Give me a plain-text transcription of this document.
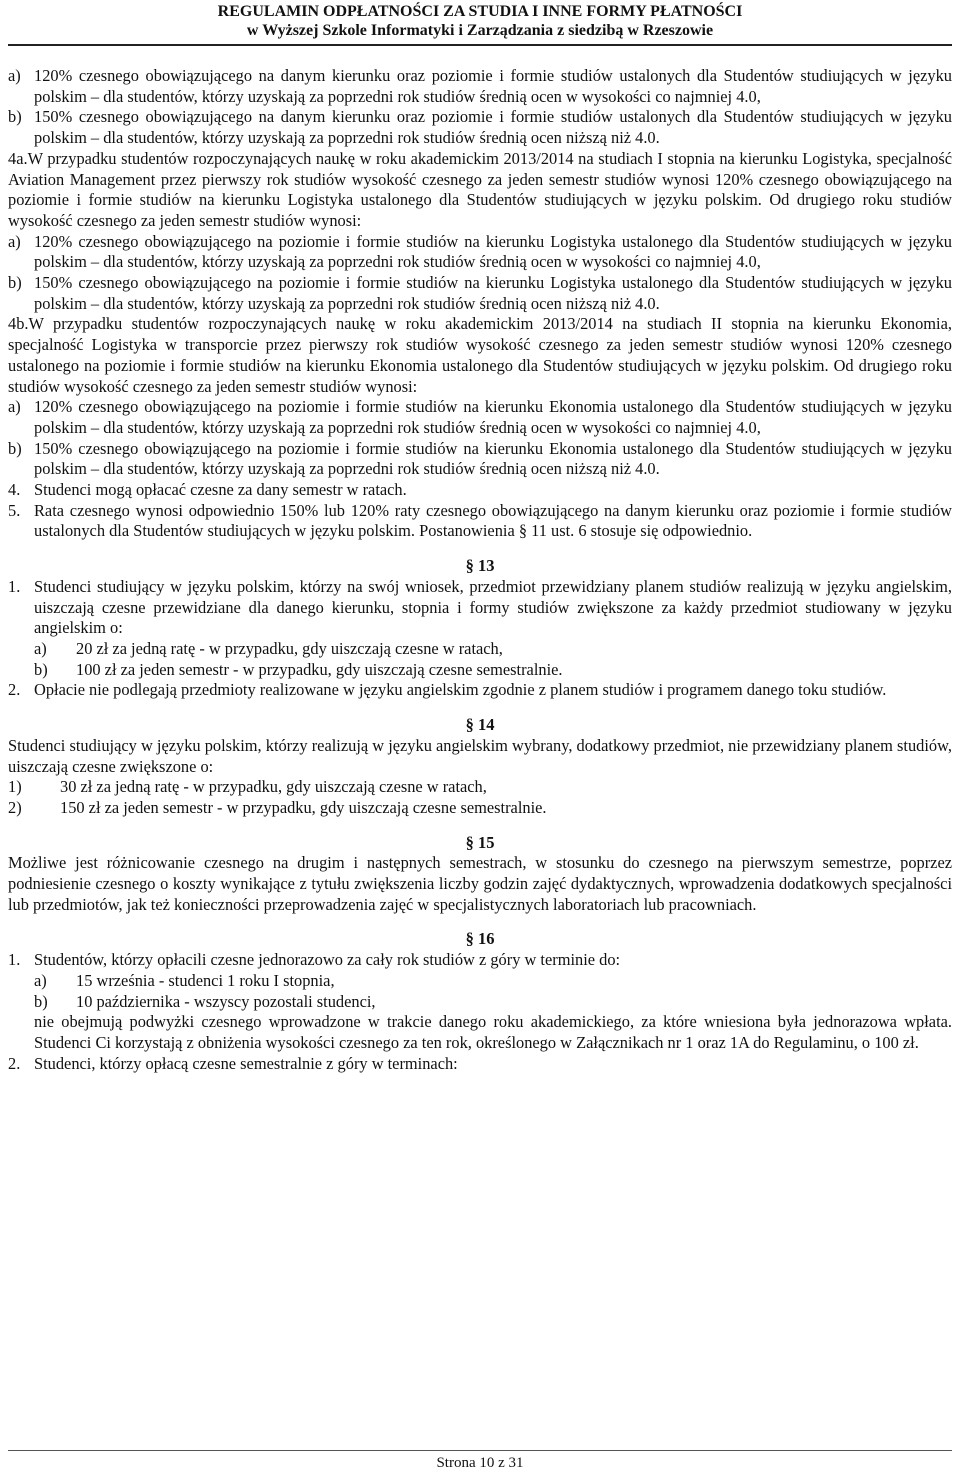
REGULAMIN ODPŁATNOŚCI ZA STUDIA I INNE FORMY PŁATNOŚCI
w Wyższej Szkole Informatyki i Zarządzania z siedzibą w Rzeszowie
a) 120% czesnego obowiązującego na danym kierunku oraz poziomie i formie studiów ustalonych dla Studentów studiujących w języku polskim – dla studentów, którzy uzyskają za poprzedni rok studiów średnią ocen w wysokości co najmniej 4.0,
b) 150% czesnego obowiązującego na danym kierunku oraz poziomie i formie studiów ustalonych dla Studentów studiujących w języku polskim – dla studentów, którzy uzyskają za poprzedni rok studiów średnią ocen niższą niż 4.0.

4a.W przypadku studentów rozpoczynających naukę w roku akademickim 2013/2014 na studiach I stopnia na kierunku Logistyka, specjalność Aviation Management przez pierwszy rok studiów wysokość czesnego za jeden semestr studiów wynosi 120% czesnego obowiązującego na poziomie i formie studiów na kierunku Logistyka ustalonego dla Studentów studiujących w języku polskim. Od drugiego roku studiów wysokość czesnego za jeden semestr studiów wynosi:

a) 120% czesnego obowiązującego na poziomie i formie studiów na kierunku Logistyka ustalonego dla Studentów studiujących w języku polskim – dla studentów, którzy uzyskają za poprzedni rok studiów średnią ocen w wysokości co najmniej 4.0,
b) 150% czesnego obowiązującego na poziomie i formie studiów na kierunku Logistyka ustalonego dla Studentów studiujących w języku polskim – dla studentów, którzy uzyskają za poprzedni rok studiów średnią ocen niższą niż 4.0.

4b.W przypadku studentów rozpoczynających naukę w roku akademickim 2013/2014 na studiach II stopnia na kierunku Ekonomia, specjalność Logistyka w transporcie przez pierwszy rok studiów wysokość czesnego za jeden semestr studiów wynosi 120% czesnego ustalonego na poziomie i formie studiów na kierunku Ekonomia ustalonego dla Studentów studiujących w języku polskim. Od drugiego roku studiów wysokość czesnego za jeden semestr studiów wynosi:

a) 120% czesnego obowiązującego na poziomie i formie studiów na kierunku Ekonomia ustalonego dla Studentów studiujących w języku polskim – dla studentów, którzy uzyskają za poprzedni rok studiów średnią ocen w wysokości co najmniej 4.0,
b) 150% czesnego obowiązującego na poziomie i formie studiów na kierunku Ekonomia ustalonego dla Studentów studiujących w języku polskim – dla studentów, którzy uzyskają za poprzedni rok studiów średnią ocen niższą niż 4.0.
4. Studenci mogą opłacać czesne za dany semestr w ratach.
5. Rata czesnego wynosi odpowiednio 150% lub 120% raty czesnego obowiązującego na danym kierunku oraz poziomie i formie studiów ustalonych dla Studentów studiujących w języku polskim. Postanowienia § 11 ust. 6 stosuje się odpowiednio.
§ 13
1. Studenci studiujący w języku polskim, którzy na swój wniosek, przedmiot przewidziany planem studiów realizują w języku angielskim, uiszczają czesne przewidziane dla danego kierunku, stopnia i formy studiów zwiększone za każdy przedmiot studiowany w języku angielskim o:
a)	20 zł za jedną ratę - w przypadku, gdy uiszczają czesne w ratach,
b)	100 zł za jeden semestr - w przypadku, gdy uiszczają czesne semestralnie.
2. Opłacie nie podlegają przedmioty realizowane w języku angielskim zgodnie z planem studiów i programem danego toku studiów.
§ 14

Studenci studiujący w języku polskim, którzy realizują w języku angielskim wybrany, dodatkowy przedmiot, nie przewidziany planem studiów, uiszczają czesne zwiększone o:

1)	30 zł za jedną ratę - w przypadku, gdy uiszczają czesne w ratach,
2)	150 zł za jeden semestr - w przypadku, gdy uiszczają czesne semestralnie.
§ 15

Możliwe jest różnicowanie czesnego na drugim i następnych semestrach, w stosunku do czesnego na pierwszym semestrze, poprzez podniesienie czesnego o koszty wynikające z tytułu zwiększenia liczby godzin zajęć dydaktycznych, wprowadzenia dodatkowych specjalności lub przedmiotów, jak też konieczności przeprowadzenia zajęć w specjalistycznych laboratoriach lub pracowniach.

§ 16
1. Studentów, którzy opłacili czesne jednorazowo za cały rok studiów z góry w terminie do:
a)	15 września - studenci 1 roku I stopnia,
b)	10 października - wszyscy pozostali studenci,

nie obejmują podwyżki czesnego wprowadzone w trakcie danego roku akademickiego, za które wniesiona była jednorazowa wpłata. Studenci Ci korzystają z obniżenia wysokości czesnego za ten rok, określonego w Załącznikach nr 1 oraz 1A do Regulaminu, o 100 zł.

2. Studenci, którzy opłacą czesne semestralnie z góry w terminach:
Strona 10 z 31
